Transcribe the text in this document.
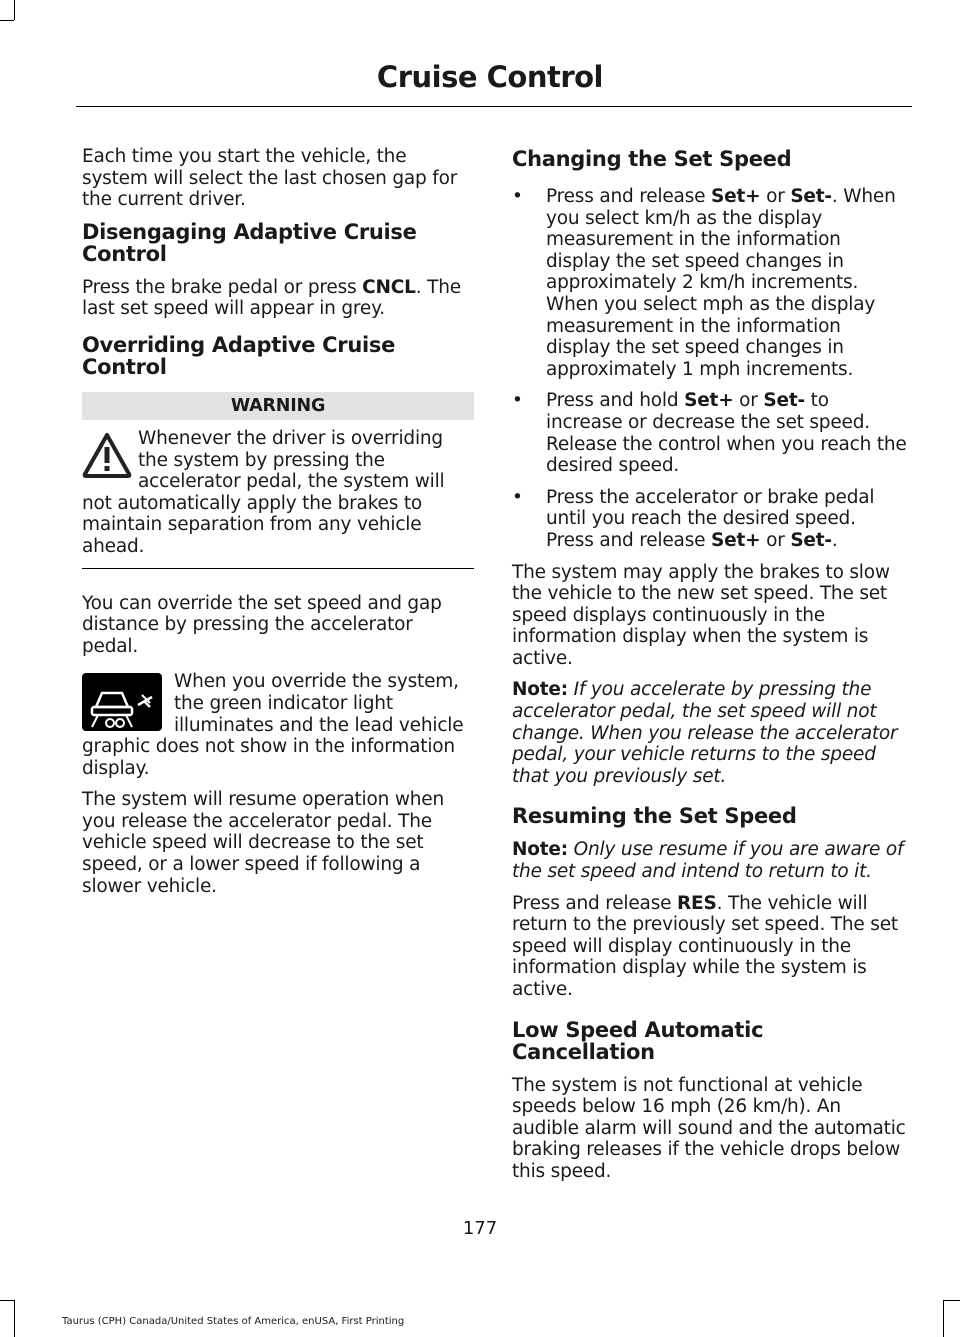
Cruise Control

Each time you start the vehicle, the system will select the last chosen gap for the current driver.

Disengaging Adaptive Cruise Control

Press the brake pedal or press CNCL. The last set speed will appear in grey.

Overriding Adaptive Cruise Control
WARNING
Whenever the driver is overriding the system by pressing the accelerator pedal, the system will not automatically apply the brakes to maintain separation from any vehicle ahead.

You can override the set speed and gap distance by pressing the accelerator pedal.

When you override the system, the green indicator light illuminates and the lead vehicle graphic does not show in the information display.

The system will resume operation when you release the accelerator pedal. The vehicle speed will decrease to the set speed, or a lower speed if following a slower vehicle.

Changing the Set Speed
• Press and release Set+ or Set-. When you select km/h as the display measurement in the information display the set speed changes in approximately 2 km/h increments. When you select mph as the display measurement in the information display the set speed changes in approximately 1 mph increments.
• Press and hold Set+ or Set- to increase or decrease the set speed. Release the control when you reach the desired speed.
• Press the accelerator or brake pedal until you reach the desired speed. Press and release Set+ or Set-.

The system may apply the brakes to slow the vehicle to the new set speed. The set speed displays continuously in the information display when the system is active.

Note: If you accelerate by pressing the accelerator pedal, the set speed will not change. When you release the accelerator pedal, your vehicle returns to the speed that you previously set.

Resuming the Set Speed

Note: Only use resume if you are aware of the set speed and intend to return to it.

Press and release RES. The vehicle will return to the previously set speed. The set speed will display continuously in the information display while the system is active.

Low Speed Automatic Cancellation

The system is not functional at vehicle speeds below 16 mph (26 km/h). An audible alarm will sound and the automatic braking releases if the vehicle drops below this speed.

177
Taurus (CPH) Canada/United States of America, enUSA, First Printing
